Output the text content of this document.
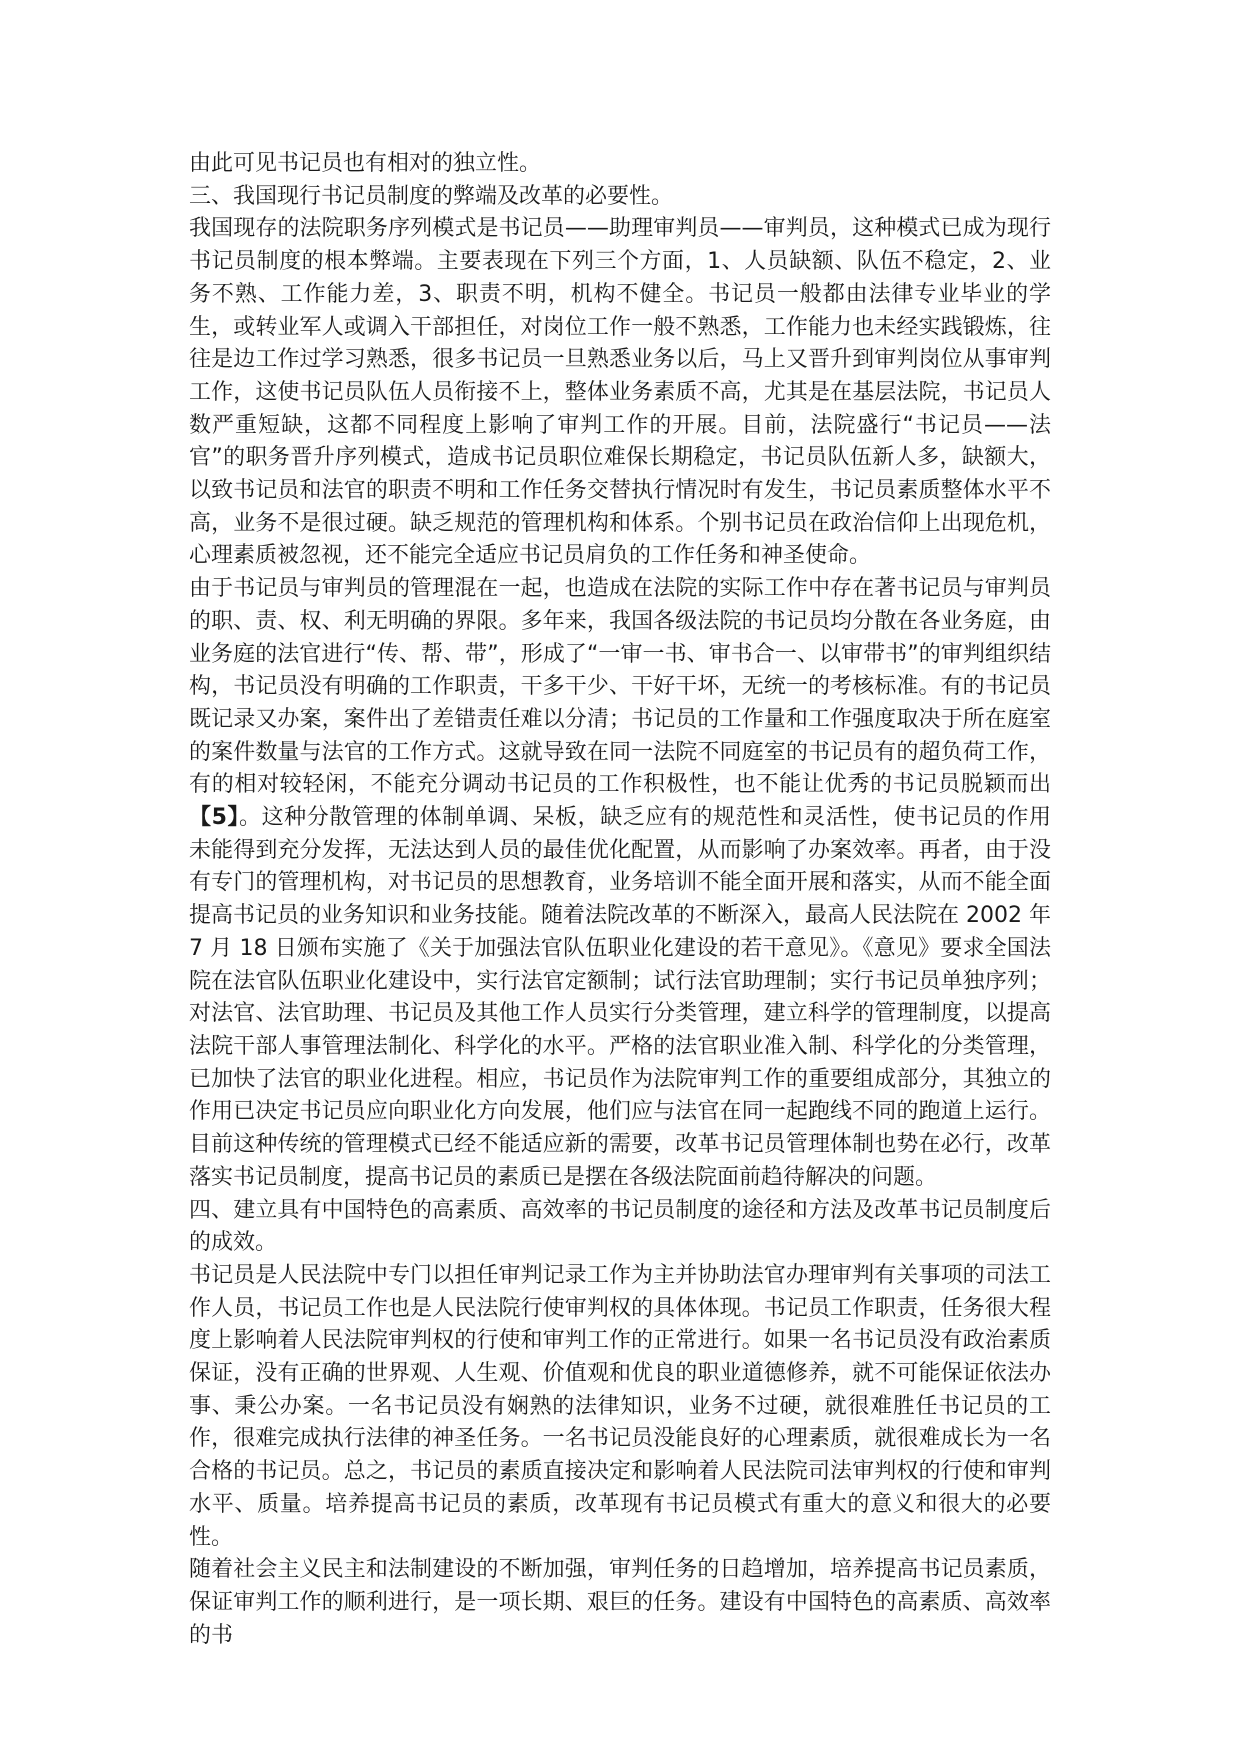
由此可见书记员也有相对的独立性。

三、我国现行书记员制度的弊端及改革的必要性。

我国现存的法院职务序列模式是书记员——助理审判员——审判员，这种模式已成为现行书记员制度的根本弊端。主要表现在下列三个方面，1、人员缺额、队伍不稳定，2、业务不熟、工作能力差，3、职责不明，机构不健全。书记员一般都由法律专业毕业的学生，或转业军人或调入干部担任，对岗位工作一般不熟悉，工作能力也未经实践锻炼，往往是边工作过学习熟悉，很多书记员一旦熟悉业务以后，马上又晋升到审判岗位从事审判工作，这使书记员队伍人员衔接不上，整体业务素质不高，尤其是在基层法院，书记员人数严重短缺，这都不同程度上影响了审判工作的开展。目前，法院盛行“书记员——法官”的职务晋升序列模式，造成书记员职位难保长期稳定，书记员队伍新人多，缺额大，以致书记员和法官的职责不明和工作任务交替执行情况时有发生，书记员素质整体水平不高，业务不是很过硬。缺乏规范的管理机构和体系。个别书记员在政治信仰上出现危机，心理素质被忽视，还不能完全适应书记员肩负的工作任务和神圣使命。

由于书记员与审判员的管理混在一起，也造成在法院的实际工作中存在著书记员与审判员的职、责、权、利无明确的界限。多年来，我国各级法院的书记员均分散在各业务庭，由业务庭的法官进行“传、帮、带”，形成了“一审一书、审书合一、以审带书”的审判组织结构，书记员没有明确的工作职责，干多干少、干好干坏，无统一的考核标准。有的书记员既记录又办案，案件出了差错责任难以分清；书记员的工作量和工作强度取决于所在庭室的案件数量与法官的工作方式。这就导致在同一法院不同庭室的书记员有的超负荷工作，有的相对较轻闲，不能充分调动书记员的工作积极性，也不能让优秀的书记员脱颖而出【5】。这种分散管理的体制单调、呆板，缺乏应有的规范性和灵活性，使书记员的作用未能得到充分发挥，无法达到人员的最佳优化配置，从而影响了办案效率。再者，由于没有专门的管理机构，对书记员的思想教育，业务培训不能全面开展和落实，从而不能全面提高书记员的业务知识和业务技能。随着法院改革的不断深入，最高人民法院在 2002 年 7 月 18 日颁布实施了《关于加强法官队伍职业化建设的若干意见》。《意见》要求全国法院在法官队伍职业化建设中，实行法官定额制；试行法官助理制；实行书记员单独序列；对法官、法官助理、书记员及其他工作人员实行分类管理，建立科学的管理制度，以提高法院干部人事管理法制化、科学化的水平。严格的法官职业准入制、科学化的分类管理，已加快了法官的职业化进程。相应，书记员作为法院审判工作的重要组成部分，其独立的作用已决定书记员应向职业化方向发展，他们应与法官在同一起跑线不同的跑道上运行。目前这种传统的管理模式已经不能适应新的需要，改革书记员管理体制也势在必行，改革落实书记员制度，提高书记员的素质已是摆在各级法院面前趋待解决的问题。

四、建立具有中国特色的高素质、高效率的书记员制度的途径和方法及改革书记员制度后的成效。

书记员是人民法院中专门以担任审判记录工作为主并协助法官办理审判有关事项的司法工作人员，书记员工作也是人民法院行使审判权的具体体现。书记员工作职责，任务很大程度上影响着人民法院审判权的行使和审判工作的正常进行。如果一名书记员没有政治素质保证，没有正确的世界观、人生观、价值观和优良的职业道德修养，就不可能保证依法办事、秉公办案。一名书记员没有娴熟的法律知识，业务不过硬，就很难胜任书记员的工作，很难完成执行法律的神圣任务。一名书记员没能良好的心理素质，就很难成长为一名合格的书记员。总之，书记员的素质直接决定和影响着人民法院司法审判权的行使和审判水平、质量。培养提高书记员的素质，改革现有书记员模式有重大的意义和很大的必要性。

随着社会主义民主和法制建设的不断加强，审判任务的日趋增加，培养提高书记员素质，保证审判工作的顺利进行，是一项长期、艰巨的任务。建设有中国特色的高素质、高效率的书
